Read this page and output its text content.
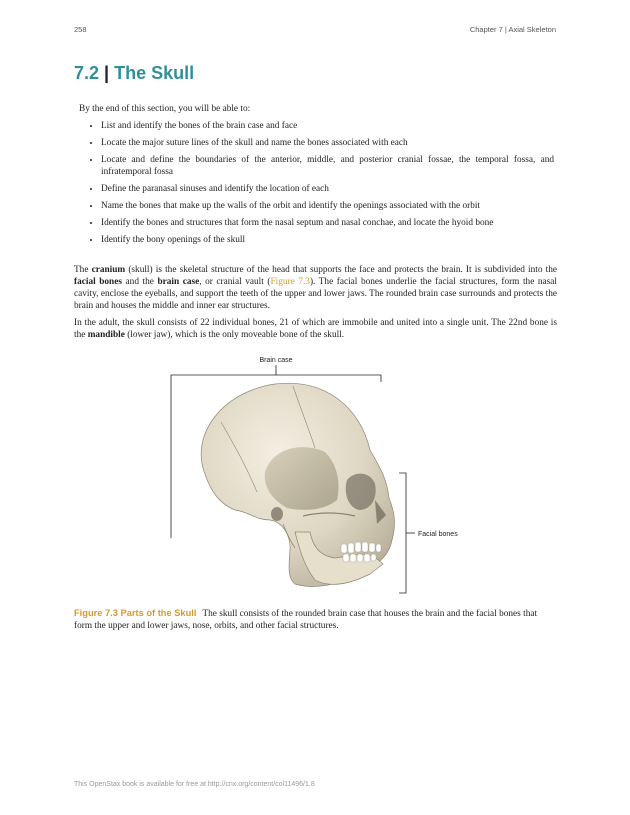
258	Chapter 7 | Axial Skeleton
7.2 | The Skull

By the end of this section, you will be able to:

• List and identify the bones of the brain case and face
• Locate the major suture lines of the skull and name the bones associated with each
• Locate and define the boundaries of the anterior, middle, and posterior cranial fossae, the temporal fossa, and infratemporal fossa
• Define the paranasal sinuses and identify the location of each
• Name the bones that make up the walls of the orbit and identify the openings associated with the orbit
• Identify the bones and structures that form the nasal septum and nasal conchae, and locate the hyoid bone
• Identify the bony openings of the skull

The cranium (skull) is the skeletal structure of the head that supports the face and protects the brain. It is subdivided into the facial bones and the brain case, or cranial vault (Figure 7.3). The facial bones underlie the facial structures, form the nasal cavity, enclose the eyeballs, and support the teeth of the upper and lower jaws. The rounded brain case surrounds and protects the brain and houses the middle and inner ear structures.

In the adult, the skull consists of 22 individual bones, 21 of which are immobile and united into a single unit. The 22nd bone is the mandible (lower jaw), which is the only moveable bone of the skull.

Brain case
Facial bones
Figure 7.3 Parts of the Skull The skull consists of the rounded brain case that houses the brain and the facial bones that form the upper and lower jaws, nose, orbits, and other facial structures.
This OpenStax book is available for free at http://cnx.org/content/col11496/1.8
